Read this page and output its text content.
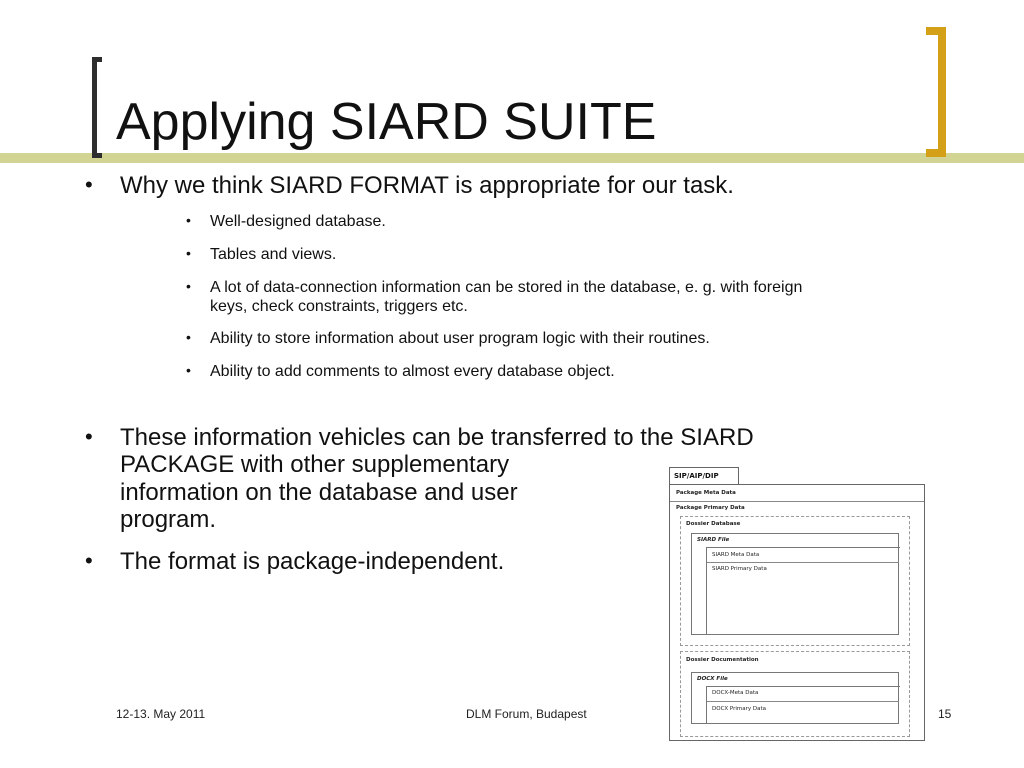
Applying SIARD SUITE
• Why we think SIARD FORMAT is appropriate for our task.
• Well-designed database.
• Tables and views.
• A lot of data-connection information can be stored in the database, e. g. with foreign
keys, check constraints, triggers etc.
• Ability to store information about user program logic with their routines.
• Ability to add comments to almost every database object.
• These information vehicles can be transferred to the SIARD
PACKAGE with other supplementary
information on the database and user
program.
• The format is package-independent.
SIP/AIP/DIP
Package Meta Data
Package Primary Data
Dossier Database
SIARD File
SIARD Meta Data
SIARD Primary Data
Dossier Documentation
DOCX File
DOCX-Meta Data
DOCX Primary Data
12-13. May 2011	DLM Forum, Budapest	15
